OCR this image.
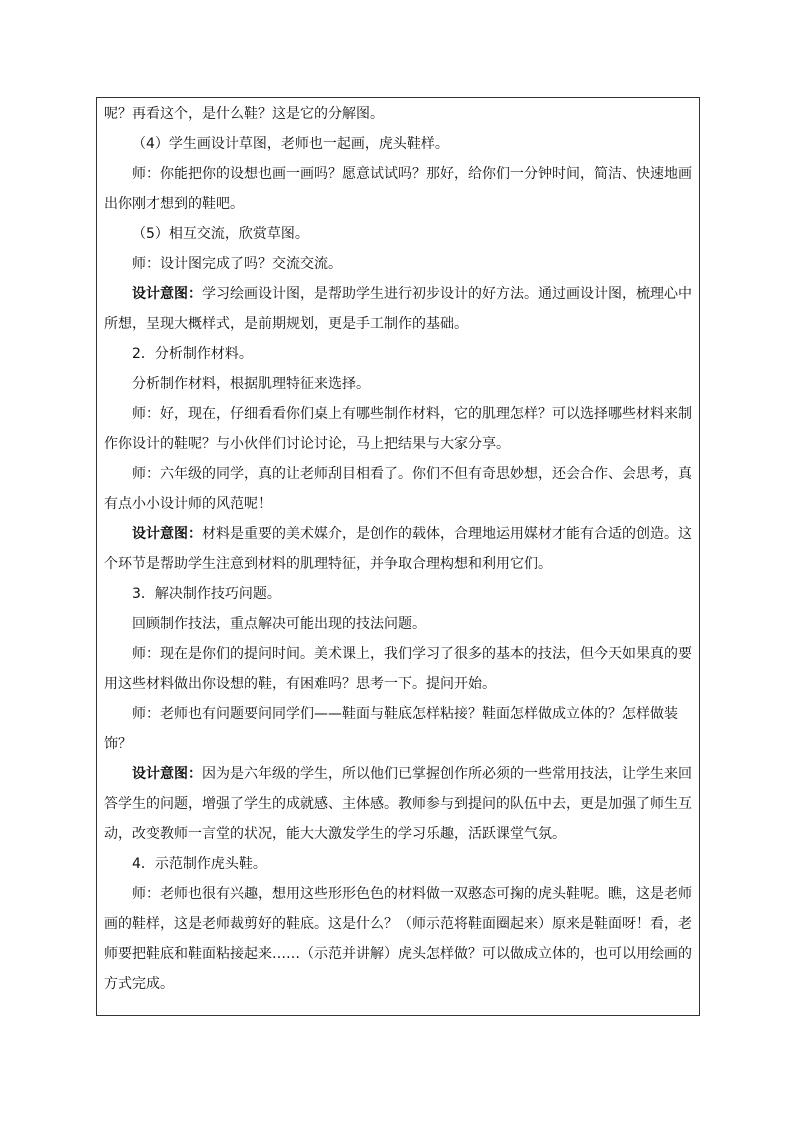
呢？再看这个，是什么鞋？这是它的分解图。
（4）学生画设计草图，老师也一起画，虎头鞋样。
师：你能把你的设想也画一画吗？愿意试试吗？那好，给你们一分钟时间，简洁、快速地画
出你刚才想到的鞋吧。
（5）相互交流，欣赏草图。
师：设计图完成了吗？交流交流。
设计意图：学习绘画设计图，是帮助学生进行初步设计的好方法。通过画设计图，梳理心中
所想，呈现大概样式，是前期规划，更是手工制作的基础。
2．分析制作材料。
分析制作材料，根据肌理特征来选择。
师：好，现在，仔细看看你们桌上有哪些制作材料，它的肌理怎样？可以选择哪些材料来制
作你设计的鞋呢？与小伙伴们讨论讨论，马上把结果与大家分享。
师：六年级的同学，真的让老师刮目相看了。你们不但有奇思妙想，还会合作、会思考，真
有点小小设计师的风范呢！
设计意图：材料是重要的美术媒介，是创作的载体，合理地运用媒材才能有合适的创造。这
个环节是帮助学生注意到材料的肌理特征，并争取合理构想和利用它们。
3．解决制作技巧问题。
回顾制作技法，重点解决可能出现的技法问题。
师：现在是你们的提问时间。美术课上，我们学习了很多的基本的技法，但今天如果真的要
用这些材料做出你设想的鞋，有困难吗？思考一下。提问开始。
师：老师也有问题要问同学们——鞋面与鞋底怎样粘接？鞋面怎样做成立体的？怎样做装
饰？
设计意图：因为是六年级的学生，所以他们已掌握创作所必须的一些常用技法，让学生来回
答学生的问题，增强了学生的成就感、主体感。教师参与到提问的队伍中去，更是加强了师生互
动，改变教师一言堂的状况，能大大激发学生的学习乐趣，活跃课堂气氛。
4．示范制作虎头鞋。
师：老师也很有兴趣，想用这些形形色色的材料做一双憨态可掬的虎头鞋呢。瞧，这是老师
画的鞋样，这是老师裁剪好的鞋底。这是什么？（师示范将鞋面圈起来）原来是鞋面呀！看，老
师要把鞋底和鞋面粘接起来……（示范并讲解）虎头怎样做？可以做成立体的，也可以用绘画的
方式完成。
